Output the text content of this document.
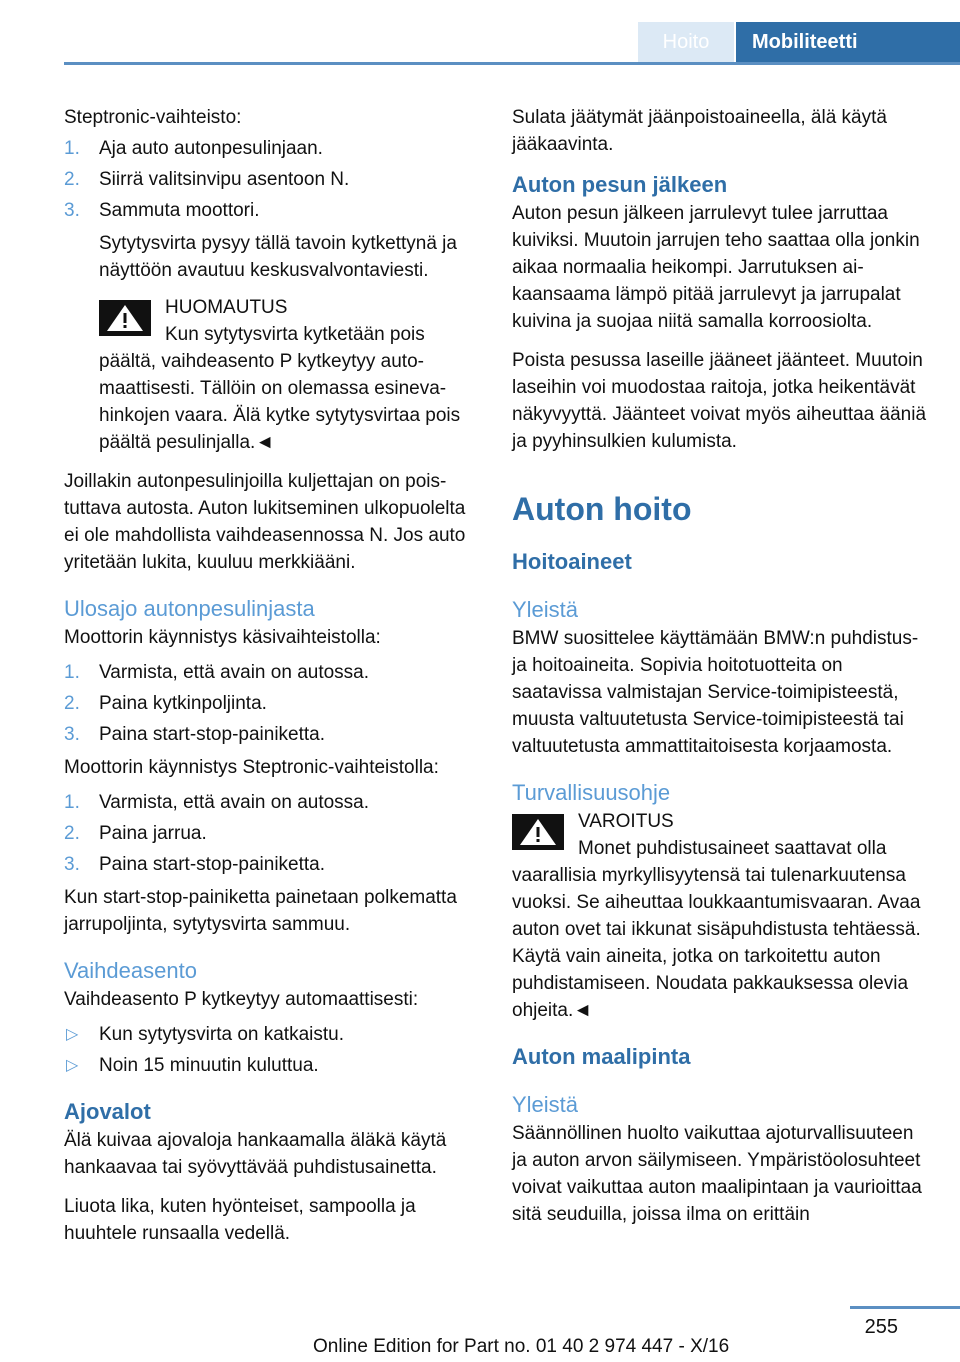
Hoito	Mobiliteetti

Steptronic-vaihteisto:

1. Aja auto autonpesulinjaan.
2. Siirrä valitsinvipu asentoon N.
3. Sammuta moottori.

Sytytysvirta pysyy tällä tavoin kytkettynä ja näyttöön avautuu keskusvalvontaviesti.

HUOMAUTUS
Kun sytytysvirta kytketään pois
päältä, vaihdeasento P kytkeytyy automaattisesti. Tällöin on olemassa esinevahinkojen vaara. Älä kytke sytytysvirtaa pois päältä pesulinjalla.◄

Joillakin autonpesulinjoilla kuljettajan on poistuttava autosta. Auton lukitseminen ulkopuolelta ei ole mahdollista vaihdeasennossa N. Jos auto yritetään lukita, kuuluu merkkiääni.

Ulosajo autonpesulinjasta

Moottorin käynnistys käsivaihteistolla:

1. Varmista, että avain on autossa.
2. Paina kytkinpoljinta.
3. Paina start-stop-painiketta.

Moottorin käynnistys Steptronic-vaihteistolla:

1. Varmista, että avain on autossa.
2. Paina jarrua.
3. Paina start-stop-painiketta.

Kun start-stop-painiketta painetaan polkematta jarrupoljinta, sytytysvirta sammuu.

Vaihdeasento

Vaihdeasento P kytkeytyy automaattisesti:

▷ Kun sytytysvirta on katkaistu.
▷ Noin 15 minuutin kuluttua.
Ajovalot

Älä kuivaa ajovaloja hankaamalla äläkä käytä hankaavaa tai syövyttävää puhdistusainetta.

Liuota lika, kuten hyönteiset, sampoolla ja huuhtele runsaalla vedellä.

Sulata jäätymät jäänpoistoaineella, älä käytä jääkaavinta.

Auton pesun jälkeen

Auton pesun jälkeen jarrulevyt tulee jarruttaa kuiviksi. Muutoin jarrujen teho saattaa olla jonkin aikaa normaalia heikompi. Jarrutuksen aikaansaama lämpö pitää jarrulevyt ja jarrupalat kuivina ja suojaa niitä samalla korroosiolta.

Poista pesussa laseille jääneet jäänteet. Muutoin laseihin voi muodostaa raitoja, jotka heikentävät näkyvyyttä. Jäänteet voivat myös aiheuttaa ääniä ja pyyhinsulkien kulumista.

Auton hoito
Hoitoaineet
Yleistä

BMW suosittelee käyttämään BMW:n puhdistus- ja hoitoaineita. Sopivia hoitotuotteita on saatavissa valmistajan Service-toimipisteestä, muusta valtuutetusta Service-toimipisteestä tai valtuutetusta ammattitaitoisesta korjaamosta.

Turvallisuusohje
VAROITUS
Monet puhdistusaineet saattavat olla
vaarallisia myrkyllisyytensä tai tulenarkuutensa vuoksi. Se aiheuttaa loukkaantumisvaaran. Avaa auton ovet tai ikkunat sisäpuhdistusta tehtäessä. Käytä vain aineita, jotka on tarkoitettu auton puhdistamiseen. Noudata pakkauksessa olevia ohjeita.◄
Auton maalipinta
Yleistä

Säännöllinen huolto vaikuttaa ajoturvallisuuteen ja auton arvon säilymiseen. Ympäristöolosuhteet voivat vaikuttaa auton maalipintaan ja vaurioittaa sitä seuduilla, joissa ilma on erittäin

255
Online Edition for Part no. 01 40 2 974 447 - X/16
